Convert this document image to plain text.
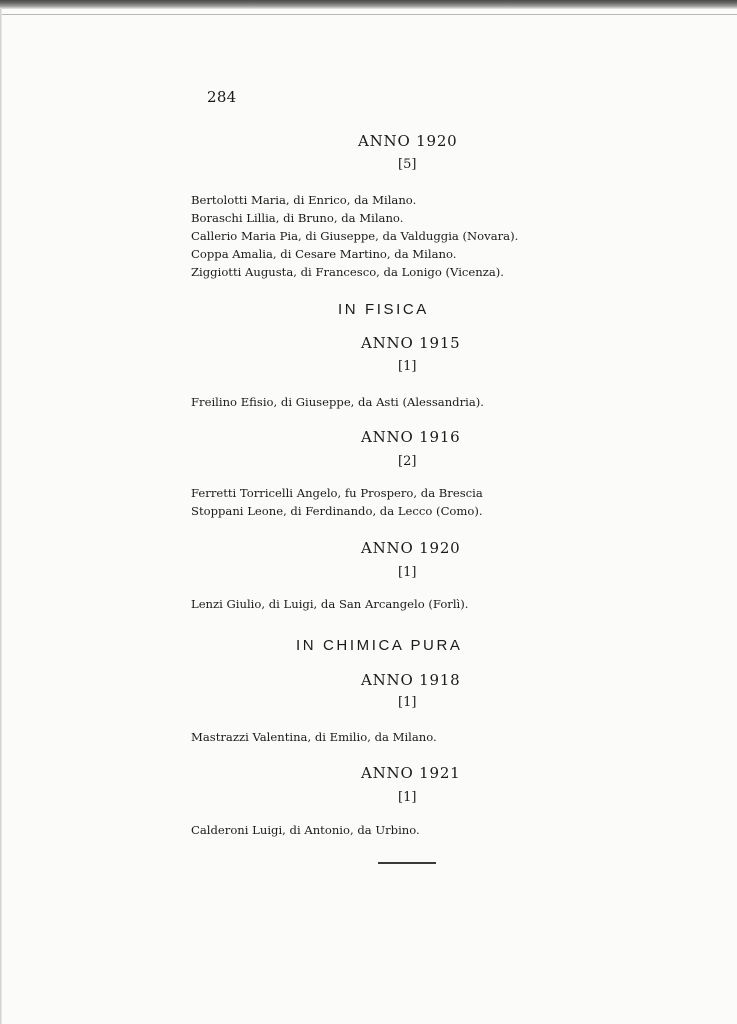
284
ANNO 1920
[5]
Bertolotti Maria, di Enrico, da Milano.
Boraschi Lillia, di Bruno, da Milano.
Callerio Maria Pia, di Giuseppe, da Valduggia (Novara).
Coppa Amalia, di Cesare Martino, da Milano.
Ziggiotti Augusta, di Francesco, da Lonigo (Vicenza).
IN FISICA
ANNO 1915
[1]
Freilino Efisio, di Giuseppe, da Asti (Alessandria).
ANNO 1916
[2]
Ferretti Torricelli Angelo, fu Prospero, da Brescia
Stoppani Leone, di Ferdinando, da Lecco (Como).
ANNO 1920
[1]
Lenzi Giulio, di Luigi, da San Arcangelo (Forlì).
IN CHIMICA PURA
ANNO 1918
[1]
Mastrazzi Valentina, di Emilio, da Milano.
ANNO 1921
[1]
Calderoni Luigi, di Antonio, da Urbino.
